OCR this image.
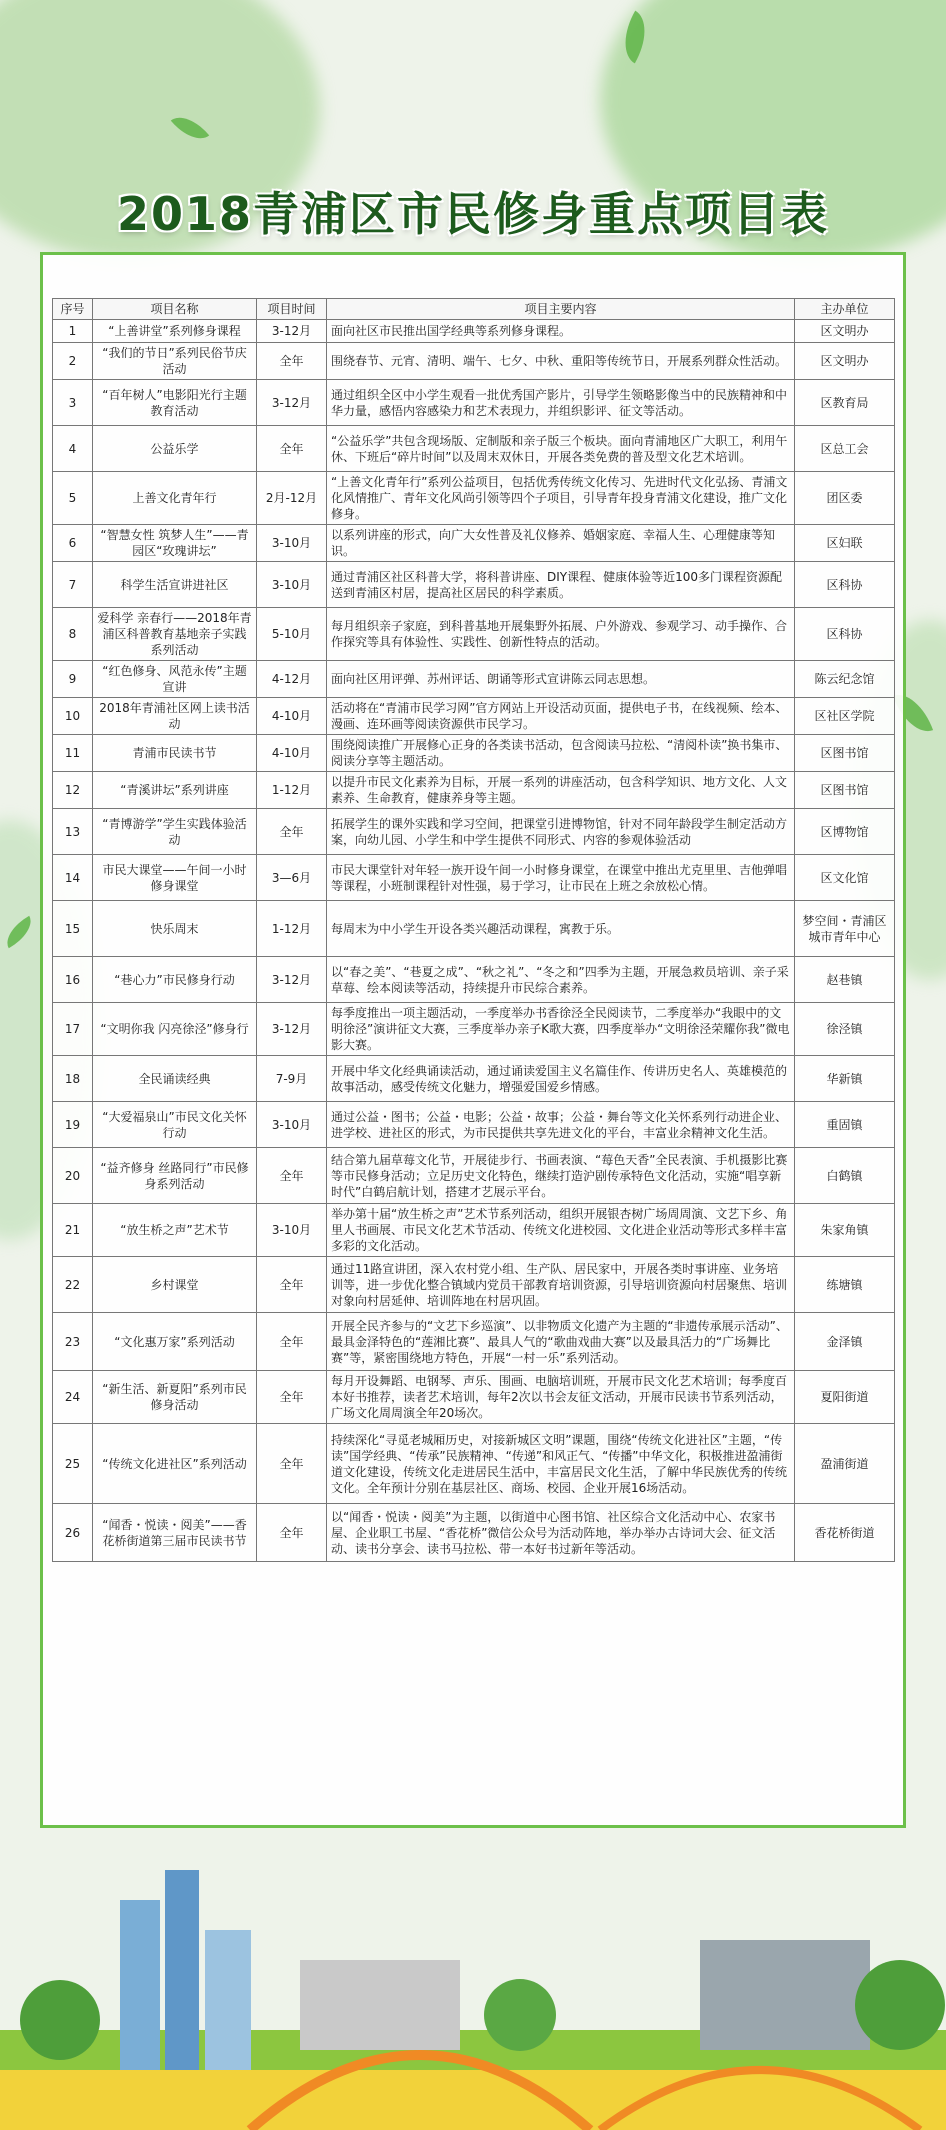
2018青浦区市民修身重点项目表
序号	项目名称	项目时间	项目主要内容	主办单位
1	“上善讲堂”系列修身课程	3-12月	面向社区市民推出国学经典等系列修身课程。	区文明办
2	“我们的节日”系列民俗节庆活动	全年	围绕春节、元宵、清明、端午、七夕、中秋、重阳等传统节日，开展系列群众性活动。	区文明办
3	“百年树人”电影阳光行主题教育活动	3-12月	通过组织全区中小学生观看一批优秀国产影片，引导学生领略影像当中的民族精神和中华力量，感悟内容感染力和艺术表现力，并组织影评、征文等活动。	区教育局
4	公益乐学	全年	“公益乐学”共包含现场版、定制版和亲子版三个板块。面向青浦地区广大职工，利用午休、下班后“碎片时间”以及周末双休日，开展各类免费的普及型文化艺术培训。	区总工会
5	上善文化青年行	2月-12月	“上善文化青年行”系列公益项目，包括优秀传统文化传习、先进时代文化弘扬、青浦文化风情推广、青年文化风尚引领等四个子项目，引导青年投身青浦文化建设，推广文化修身。	团区委
6	“智慧女性 筑梦人生”——青园区“玫瑰讲坛”	3-10月	以系列讲座的形式，向广大女性普及礼仪修养、婚姻家庭、幸福人生、心理健康等知识。	区妇联
7	科学生活宣讲进社区	3-10月	通过青浦区社区科普大学，将科普讲座、DIY课程、健康体验等近100多门课程资源配送到青浦区村居，提高社区居民的科学素质。	区科协
8	爱科学 亲春行——2018年青浦区科普教育基地亲子实践系列活动	5-10月	每月组织亲子家庭，到科普基地开展集野外拓展、户外游戏、参观学习、动手操作、合作探究等具有体验性、实践性、创新性特点的活动。	区科协
9	“红色修身、风范永传”主题宣讲	4-12月	面向社区用评弹、苏州评话、朗诵等形式宣讲陈云同志思想。	陈云纪念馆
10	2018年青浦社区网上读书活动	4-10月	活动将在“青浦市民学习网”官方网站上开设活动页面，提供电子书，在线视频、绘本、漫画、连环画等阅读资源供市民学习。	区社区学院
11	青浦市民读书节	4-10月	围绕阅读推广开展修心正身的各类读书活动，包含阅读马拉松、“清阅朴读”换书集市、阅读分享等主题活动。	区图书馆
12	“青溪讲坛”系列讲座	1-12月	以提升市民文化素养为目标，开展一系列的讲座活动，包含科学知识、地方文化、人文素养、生命教育，健康养身等主题。	区图书馆
13	“青博游学”学生实践体验活动	全年	拓展学生的课外实践和学习空间，把课堂引进博物馆，针对不同年龄段学生制定活动方案，向幼儿园、小学生和中学生提供不同形式、内容的参观体验活动	区博物馆
14	市民大课堂——午间一小时修身课堂	3—6月	市民大课堂针对年轻一族开设午间一小时修身课堂，在课堂中推出尤克里里、吉他弹唱等课程，小班制课程针对性强，易于学习，让市民在上班之余放松心情。	区文化馆
15	快乐周末	1-12月	每周末为中小学生开设各类兴趣活动课程，寓教于乐。	梦空间・青浦区城市青年中心
16	“巷心力”市民修身行动	3-12月	以“春之美”、“巷夏之成”、“秋之礼”、“冬之和”四季为主题，开展急救员培训、亲子采草莓、绘本阅读等活动，持续提升市民综合素养。	赵巷镇
17	“文明你我 闪亮徐泾”修身行	3-12月	每季度推出一项主题活动，一季度举办书香徐泾全民阅读节，二季度举办“我眼中的文明徐泾”演讲征文大赛，三季度举办亲子K歌大赛，四季度举办“文明徐泾荣耀你我”微电影大赛。	徐泾镇
18	全民诵读经典	7-9月	开展中华文化经典诵读活动，通过诵读爱国主义名篇佳作、传讲历史名人、英雄模范的故事活动，感受传统文化魅力，增强爱国爱乡情感。	华新镇
19	“大爱福泉山”市民文化关怀行动	3-10月	通过公益・图书；公益・电影；公益・故事；公益・舞台等文化关怀系列行动进企业、进学校、进社区的形式，为市民提供共享先进文化的平台，丰富业余精神文化生活。	重固镇
20	“益齐修身 丝路同行”市民修身系列活动	全年	结合第九届草莓文化节，开展徒步行、书画表演、“莓色天香”全民表演、手机摄影比赛等市民修身活动；立足历史文化特色，继续打造沪剧传承特色文化活动，实施“唱享新时代”白鹤启航计划，搭建才艺展示平台。	白鹤镇
21	“放生桥之声”艺术节	3-10月	举办第十届“放生桥之声”艺术节系列活动，组织开展银杏树广场周周演、文艺下乡、角里人书画展、市民文化艺术节活动、传统文化进校园、文化进企业活动等形式多样丰富多彩的文化活动。	朱家角镇
22	乡村课堂	全年	通过11路宣讲团，深入农村党小组、生产队、居民家中，开展各类时事讲座、业务培训等，进一步优化整合镇域内党员干部教育培训资源，引导培训资源向村居聚焦、培训对象向村居延伸、培训阵地在村居巩固。	练塘镇
23	“文化惠万家”系列活动	全年	开展全民齐参与的“文艺下乡巡演”、以非物质文化遗产为主题的“非遗传承展示活动”、最具金泽特色的“莲湘比赛”、最具人气的“歌曲戏曲大赛”以及最具活力的“广场舞比赛”等，紧密围绕地方特色，开展“一村一乐”系列活动。	金泽镇
24	“新生活、新夏阳”系列市民修身活动	全年	每月开设舞蹈、电钢琴、声乐、围画、电脑培训班，开展市民文化艺术培训；每季度百本好书推荐，读者艺术培训，每年2次以书会友征文活动，开展市民读书节系列活动，广场文化周周演全年20场次。	夏阳街道
25	“传统文化进社区”系列活动	全年	持续深化“寻觅老城厢历史，对接新城区文明”课题，围绕“传统文化进社区”主题，“传读”国学经典、“传承”民族精神、“传递”和风正气、“传播”中华文化，积极推进盈浦街道文化建设，传统文化走进居民生活中，丰富居民文化生活，了解中华民族优秀的传统文化。全年预计分别在基层社区、商场、校园、企业开展16场活动。	盈浦街道
26	“闻香・悦读・阅美”——香花桥街道第三届市民读书节	全年	以“闻香・悦读・阅美”为主题，以街道中心图书馆、社区综合文化活动中心、农家书屋、企业职工书屋、“香花桥”微信公众号为活动阵地，举办举办古诗词大会、征文活动、读书分享会、读书马拉松、带一本好书过新年等活动。	香花桥街道
